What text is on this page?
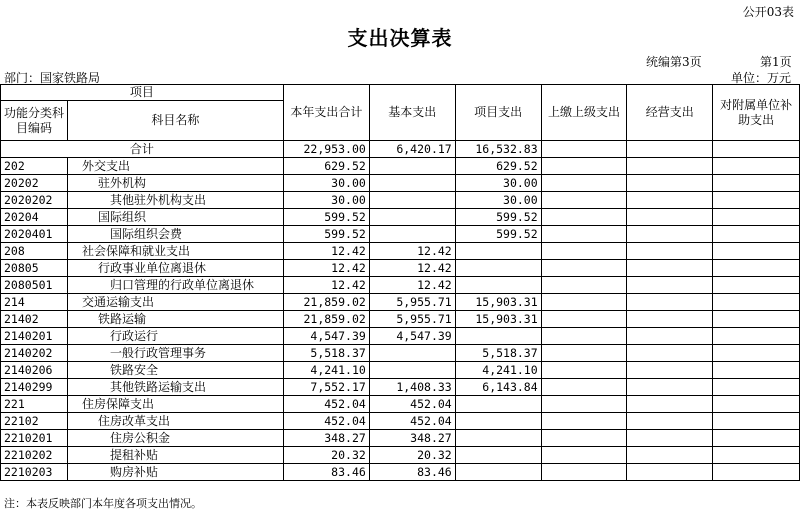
公开03表
支出决算表
统编第3页	第1页
部门：国家铁路局	单位：万元
项目		本年支出合计	基本支出	项目支出	上缴上级支出	经营支出	对附属单位补助支出
功能分类科目编码	科目名称						
合计		22,953.00	6,420.17	16,532.83			
202	外交支出	629.52		629.52			
20202	驻外机构	30.00		30.00			
2020202	其他驻外机构支出	30.00		30.00			
20204	国际组织	599.52		599.52			
2020401	国际组织会费	599.52		599.52			
208	社会保障和就业支出	12.42	12.42				
20805	行政事业单位离退休	12.42	12.42				
2080501	归口管理的行政单位离退休	12.42	12.42				
214	交通运输支出	21,859.02	5,955.71	15,903.31			
21402	铁路运输	21,859.02	5,955.71	15,903.31			
2140201	行政运行	4,547.39	4,547.39				
2140202	一般行政管理事务	5,518.37		5,518.37			
2140206	铁路安全	4,241.10		4,241.10			
2140299	其他铁路运输支出	7,552.17	1,408.33	6,143.84			
221	住房保障支出	452.04	452.04				
22102	住房改革支出	452.04	452.04				
2210201	住房公积金	348.27	348.27				
2210202	提租补贴	20.32	20.32				
2210203	购房补贴	83.46	83.46				
注：本表反映部门本年度各项支出情况。
